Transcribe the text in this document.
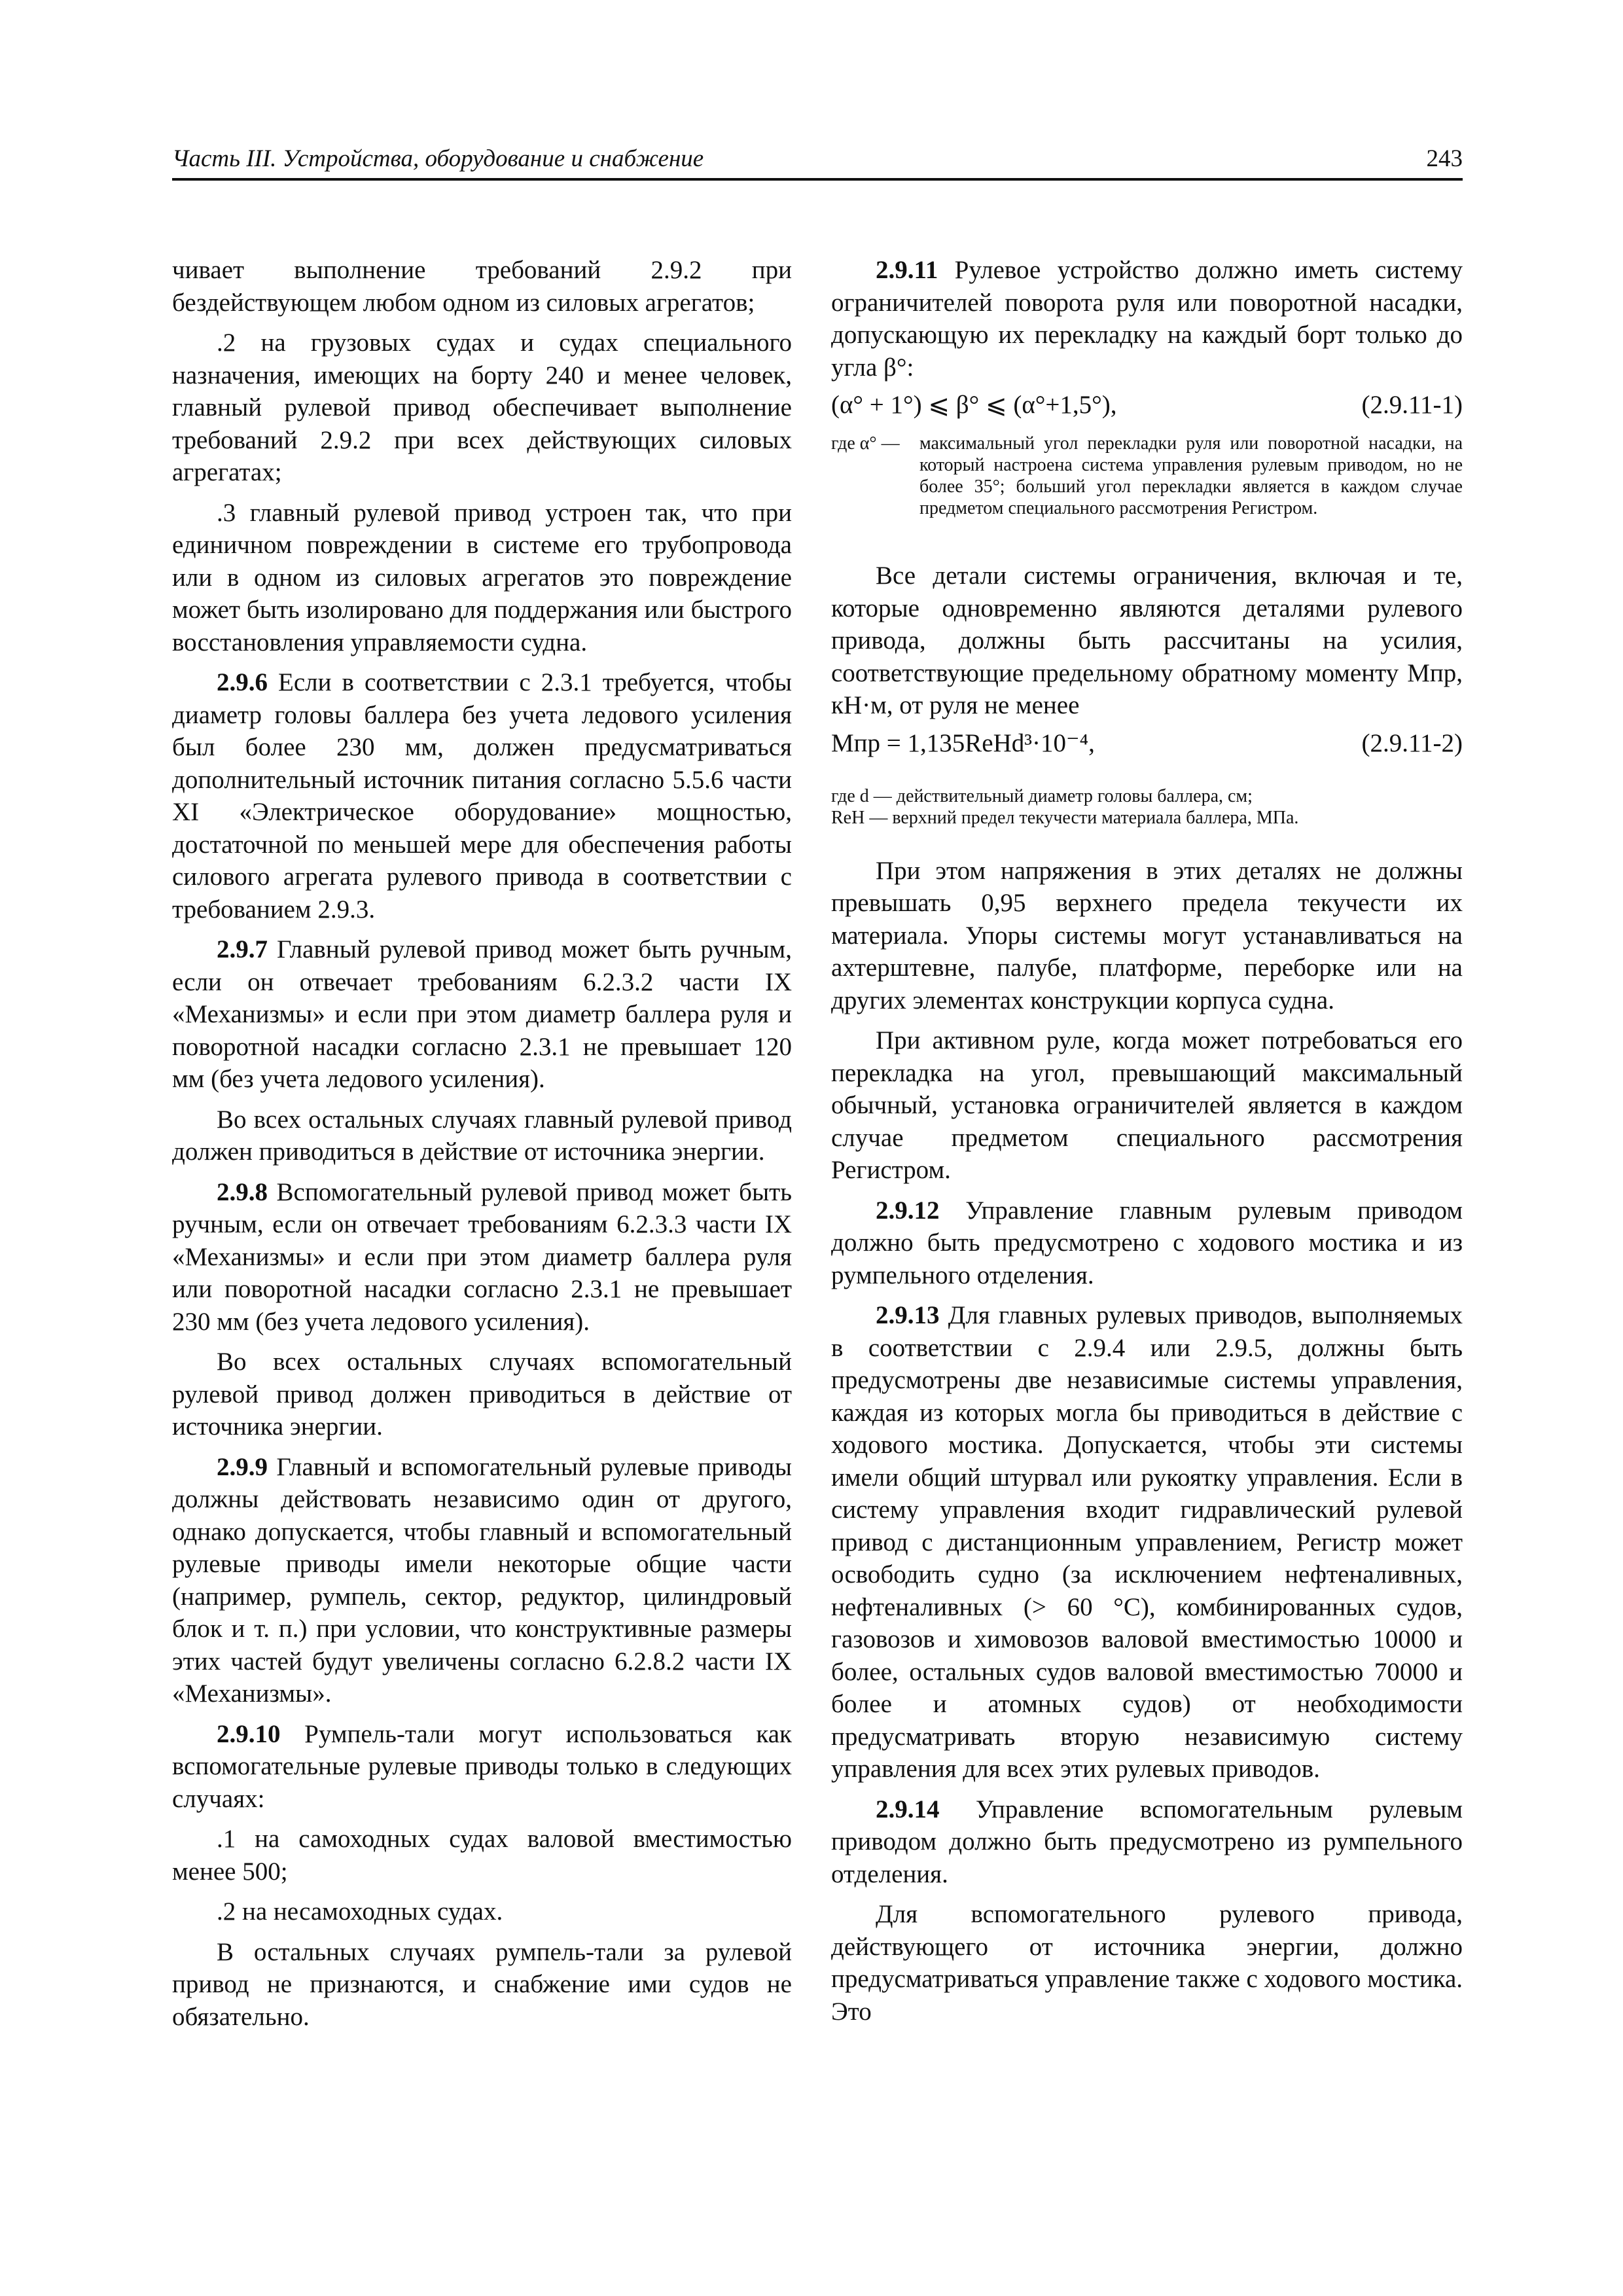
Часть III. Устройства, оборудование и снабжение	243

чивает выполнение требований 2.9.2 при бездействующем любом одном из силовых агрегатов;

.2 на грузовых судах и судах специального назначения, имеющих на борту 240 и менее человек, главный рулевой привод обеспечивает выполнение требований 2.9.2 при всех действующих силовых агрегатах;

.3 главный рулевой привод устроен так, что при единичном повреждении в системе его трубопровода или в одном из силовых агрегатов это повреждение может быть изолировано для поддержания или быстрого восстановления управляемости судна.

2.9.6 Если в соответствии с 2.3.1 требуется, чтобы диаметр головы баллера без учета ледового усиления был более 230 мм, должен предусматриваться дополнительный источник питания согласно 5.5.6 части XI «Электрическое оборудование» мощностью, достаточной по меньшей мере для обеспечения работы силового агрегата рулевого привода в соответствии с требованием 2.9.3.

2.9.7 Главный рулевой привод может быть ручным, если он отвечает требованиям 6.2.3.2 части IX «Механизмы» и если при этом диаметр баллера руля и поворотной насадки согласно 2.3.1 не превышает 120 мм (без учета ледового усиления).

Во всех остальных случаях главный рулевой привод должен приводиться в действие от источника энергии.

2.9.8 Вспомогательный рулевой привод может быть ручным, если он отвечает требованиям 6.2.3.3 части IX «Механизмы» и если при этом диаметр баллера руля или поворотной насадки согласно 2.3.1 не превышает 230 мм (без учета ледового усиления).

Во всех остальных случаях вспомогательный рулевой привод должен приводиться в действие от источника энергии.

2.9.9 Главный и вспомогательный рулевые приводы должны действовать независимо один от другого, однако допускается, чтобы главный и вспомогательный рулевые приводы имели некоторые общие части (например, румпель, сектор, редуктор, цилиндровый блок и т. п.) при условии, что конструктивные размеры этих частей будут увеличены согласно 6.2.8.2 части IX «Механизмы».

2.9.10 Румпель-тали могут использоваться как вспомогательные рулевые приводы только в следующих случаях:

.1 на самоходных судах валовой вместимостью менее 500;

.2 на несамоходных судах.

В остальных случаях румпель-тали за рулевой привод не признаются, и снабжение ими судов не обязательно.

2.9.11 Рулевое устройство должно иметь систему ограничителей поворота руля или поворотной насадки, допускающую их перекладку на каждый борт только до угла β°:

(α° + 1°) ⩽ β° ⩽ (α°+1,5°),	(2.9.11-1)
где α° — максимальный угол перекладки руля или поворотной насадки, на который настроена система управления рулевым приводом, но не более 35°; больший угол перекладки является в каждом случае предметом специального рассмотрения Регистром.

Все детали системы ограничения, включая и те, которые одновременно являются деталями рулевого привода, должны быть рассчитаны на усилия, соответствующие предельному обратному моменту Mпр, кН·м, от руля не менее

Mпр = 1,135ReHd³·10⁻⁴,	(2.9.11-2)
где d — действительный диаметр головы баллера, см;
ReH — верхний предел текучести материала баллера, МПа.

При этом напряжения в этих деталях не должны превышать 0,95 верхнего предела текучести их материала. Упоры системы могут устанавливаться на ахтерштевне, палубе, платформе, переборке или на других элементах конструкции корпуса судна.

При активном руле, когда может потребоваться его перекладка на угол, превышающий максимальный обычный, установка ограничителей является в каждом случае предметом специального рассмотрения Регистром.

2.9.12 Управление главным рулевым приводом должно быть предусмотрено с ходового мостика и из румпельного отделения.

2.9.13 Для главных рулевых приводов, выполняемых в соответствии с 2.9.4 или 2.9.5, должны быть предусмотрены две независимые системы управления, каждая из которых могла бы приводиться в действие с ходового мостика. Допускается, чтобы эти системы имели общий штурвал или рукоятку управления. Если в систему управления входит гидравлический рулевой привод с дистанционным управлением, Регистр может освободить судно (за исключением нефтеналивных, нефтеналивных (> 60 °С), комбинированных судов, газовозов и химовозов валовой вместимостью 10000 и более, остальных судов валовой вместимостью 70000 и более и атомных судов) от необходимости предусматривать вторую независимую систему управления для всех этих рулевых приводов.

2.9.14 Управление вспомогательным рулевым приводом должно быть предусмотрено из румпельного отделения.

Для вспомогательного рулевого привода, действующего от источника энергии, должно предусматриваться управление также с ходового мостика. Это
